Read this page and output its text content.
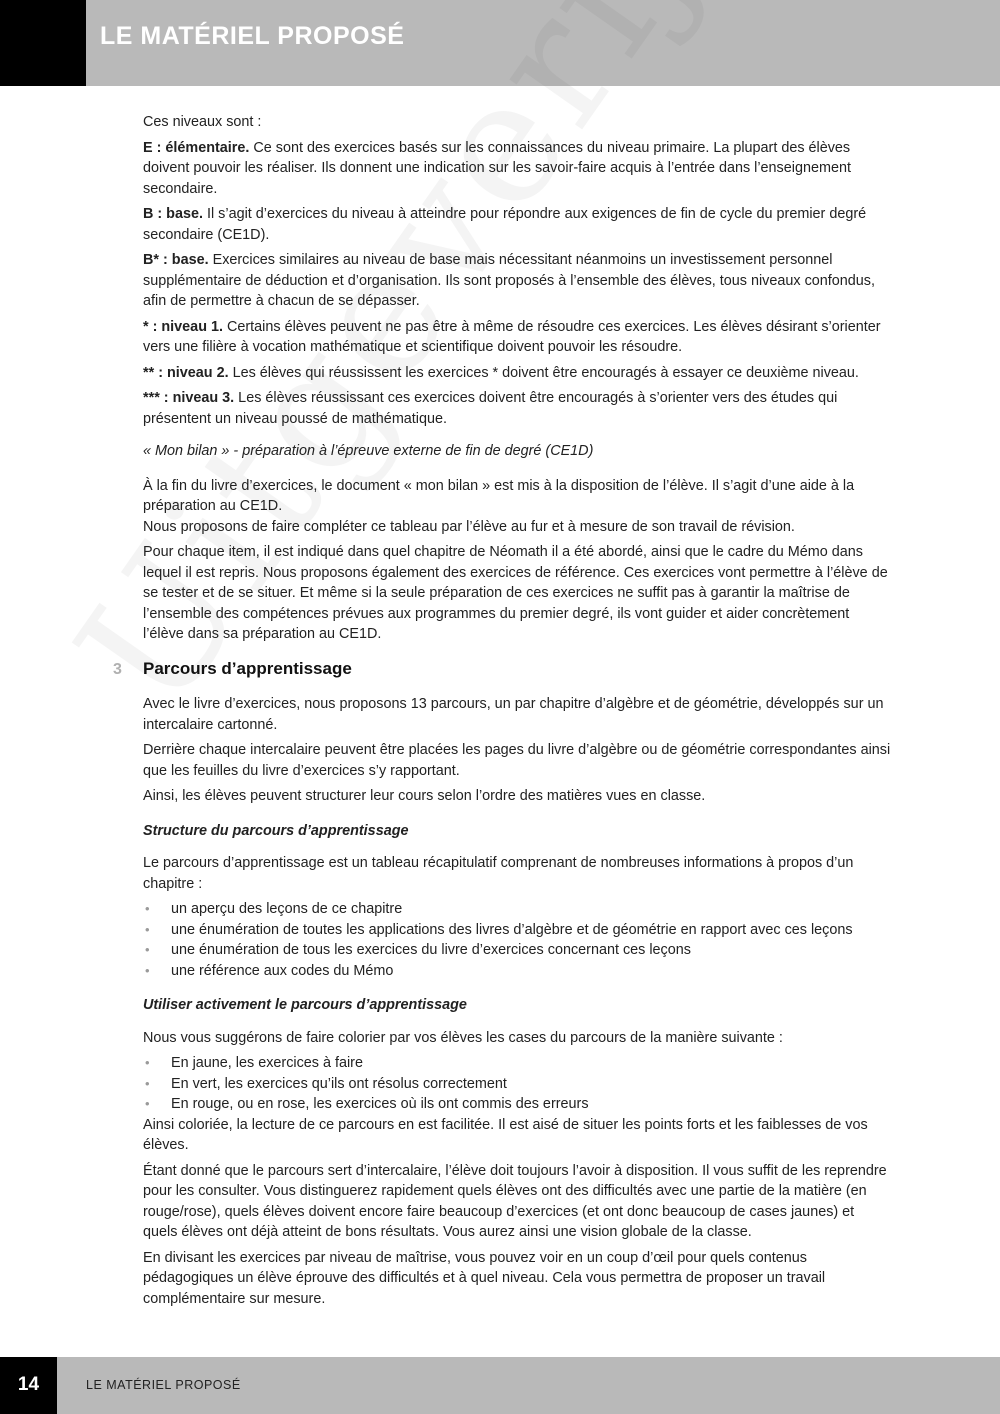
LE MATÉRIEL PROPOSÉ

Ces niveaux sont :

E : élémentaire. Ce sont des exercices basés sur les connaissances du niveau primaire. La plupart des élèves doivent pouvoir les réaliser. Ils donnent une indication sur les savoir-faire acquis à l’entrée dans l’enseignement secondaire.

B : base. Il s’agit d’exercices du niveau à atteindre pour répondre aux exigences de fin de cycle du premier degré secondaire (CE1D).

B* : base. Exercices similaires au niveau de base mais nécessitant néanmoins un investissement personnel supplémentaire de déduction et d’organisation. Ils sont proposés à l’ensemble des élèves, tous niveaux confondus, afin de permettre à chacun de se dépasser.

* : niveau 1. Certains élèves peuvent ne pas être à même de résoudre ces exercices. Les élèves désirant s’orienter vers une filière à vocation mathématique et scientifique doivent pouvoir les résoudre.

** : niveau 2. Les élèves qui réussissent les exercices * doivent être encouragés à essayer ce deuxième niveau.

*** : niveau 3. Les élèves réussissant ces exercices doivent être encouragés à s’orienter vers des études qui présentent un niveau poussé de mathématique.

« Mon bilan » - préparation à l’épreuve externe de fin de degré (CE1D)

À la fin du livre d’exercices, le document « mon bilan » est mis à la disposition de l’élève. Il s’agit d’une aide à la préparation au CE1D.

Nous proposons de faire compléter ce tableau par l’élève au fur et à mesure de son travail de révision.

Pour chaque item, il est indiqué dans quel chapitre de Néomath il a été abordé, ainsi que le cadre du Mémo dans lequel il est repris. Nous proposons également des exercices de référence. Ces exercices vont permettre à l’élève de se tester et de se situer. Et même si la seule préparation de ces exercices ne suffit pas à garantir la maîtrise de l’ensemble des compétences prévues aux programmes du premier degré, ils vont guider et aider concrètement l’élève dans sa préparation au CE1D.

3 Parcours d’apprentissage

Avec le livre d’exercices, nous proposons 13 parcours, un par chapitre d’algèbre et de géométrie, développés sur un intercalaire cartonné.

Derrière chaque intercalaire peuvent être placées les pages du livre d’algèbre ou de géométrie correspondantes ainsi que les feuilles du livre d’exercices s’y rapportant.

Ainsi, les élèves peuvent structurer leur cours selon l’ordre des matières vues en classe.

Structure du parcours d’apprentissage

Le parcours d’apprentissage est un tableau récapitulatif comprenant de nombreuses informations à propos d’un chapitre :

• un aperçu des leçons de ce chapitre
• une énumération de toutes les applications des livres d’algèbre et de géométrie en rapport avec ces leçons
• une énumération de tous les exercices du livre d’exercices concernant ces leçons
• une référence aux codes du Mémo

Utiliser activement le parcours d’apprentissage

Nous vous suggérons de faire colorier par vos élèves les cases du parcours de la manière suivante :

• En jaune, les exercices à faire
• En vert, les exercices qu’ils ont résolus correctement
• En rouge, ou en rose, les exercices où ils ont commis des erreurs

Ainsi coloriée, la lecture de ce parcours en est facilitée. Il est aisé de situer les points forts et les faiblesses de vos élèves.

Étant donné que le parcours sert d’intercalaire, l’élève doit toujours l’avoir à disposition. Il vous suffit de les reprendre pour les consulter. Vous distinguerez rapidement quels élèves ont des difficultés avec une partie de la matière (en rouge/rose), quels élèves doivent encore faire beaucoup d’exercices (et ont donc beaucoup de cases jaunes) et quels élèves ont déjà atteint de bons résultats. Vous aurez ainsi une vision globale de la classe.

En divisant les exercices par niveau de maîtrise, vous pouvez voir en un coup d’œil pour quels contenus pédagogiques un élève éprouve des difficultés et à quel niveau. Cela vous permettra de proposer un travail complémentaire sur mesure.

14	LE MATÉRIEL PROPOSÉ
